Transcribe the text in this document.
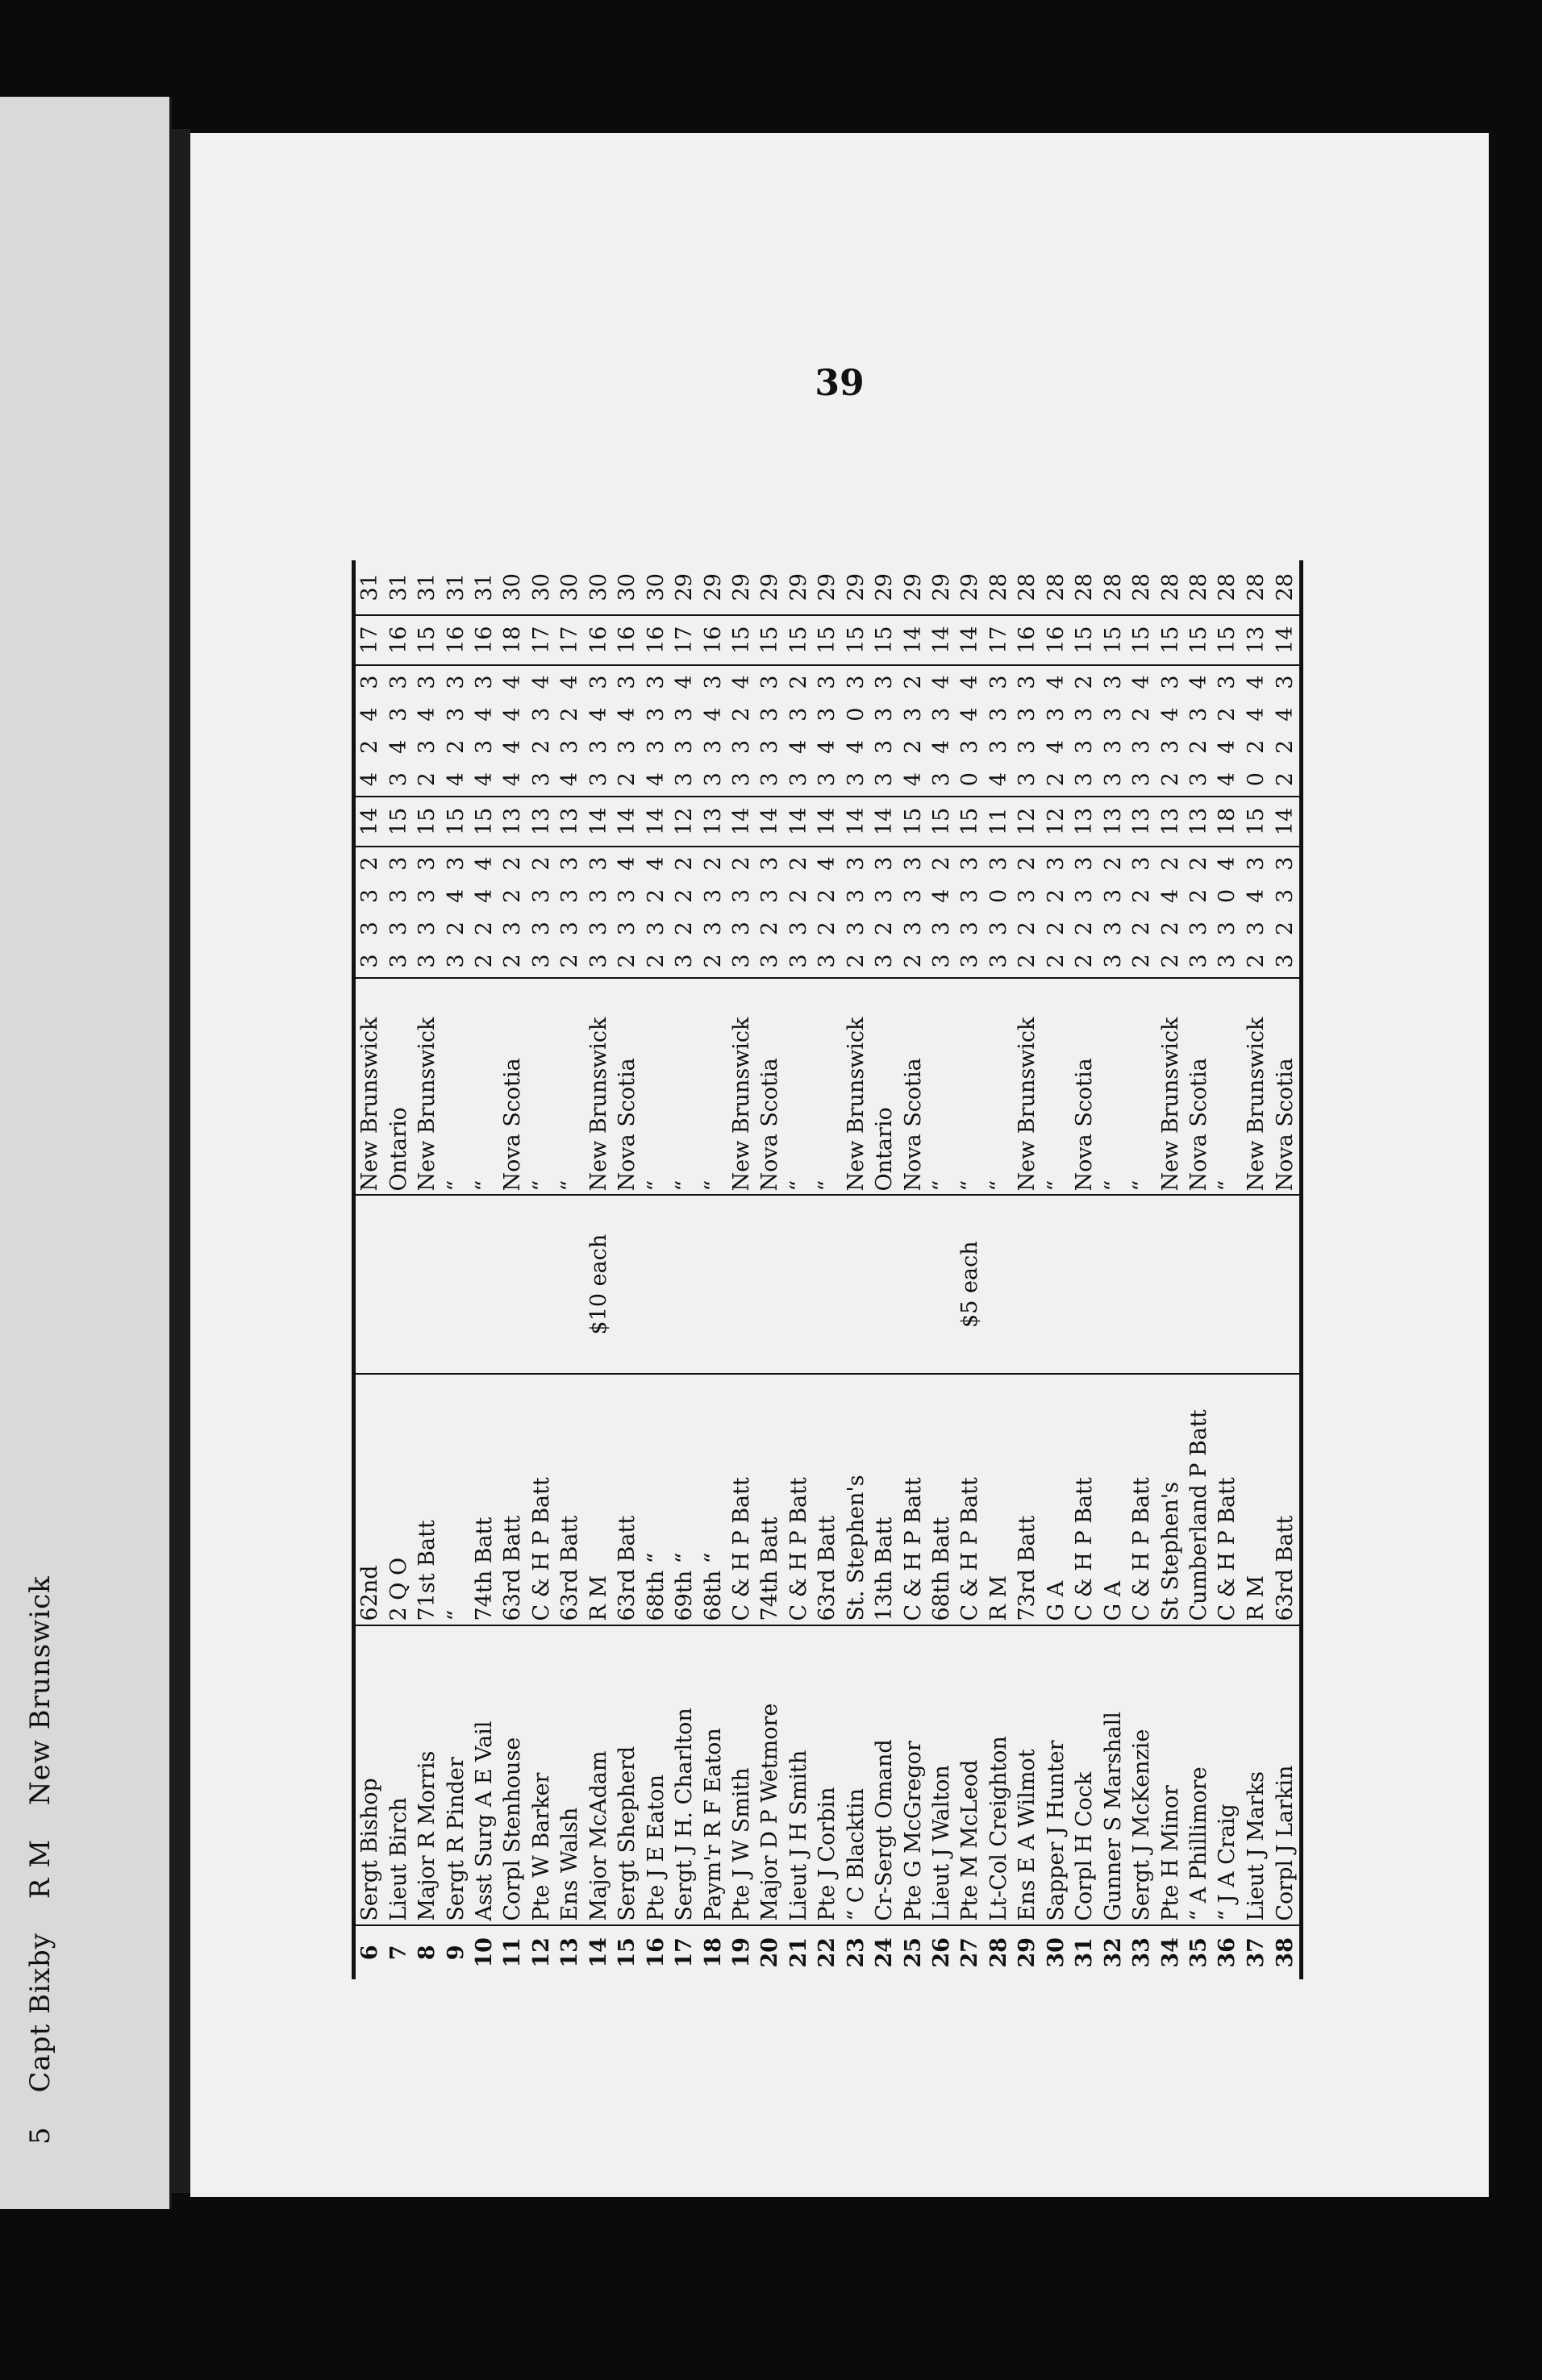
5 Capt Bixby R M New Brunswick
39
6	Sergt Bishop	62nd		New Brunswick	3	3	3	2	14	4	2	4	3	17	31
7	Lieut Birch	2 Q O		Ontario	3	3	3	3	15	3	4	3	3	16	31
8	Major R Morris	71st Batt		New Brunswick	3	3	3	3	15	2	3	4	3	15	31
9	Sergt R Pinder	“		“	3	2	4	3	15	4	2	3	3	16	31
10	Asst Surg A E Vail	74th Batt		“	2	2	4	4	15	4	3	4	3	16	31
11	Corpl Stenhouse	63rd Batt		Nova Scotia	2	3	2	2	13	4	4	4	4	18	30
12	Pte W Barker	C & H P Batt		“	3	3	3	2	13	3	2	3	4	17	30
13	Ens Walsh	63rd Batt		“	2	3	3	3	13	4	3	2	4	17	30
14	Major McAdam	R M	$10 each	New Brunswick	3	3	3	3	14	3	3	4	3	16	30
15	Sergt Shepherd	63rd Batt		Nova Scotia	2	3	3	4	14	2	3	4	3	16	30
16	Pte J E Eaton	68th “		“	2	3	2	4	14	4	3	3	3	16	30
17	Sergt J H. Charlton	69th “		“	3	2	2	2	12	3	3	3	4	17	29
18	Paym'r R F Eaton	68th “		“	2	3	3	2	13	3	3	4	3	16	29
19	Pte J W Smith	C & H P Batt		New Brunswick	3	3	3	2	14	3	3	2	4	15	29
20	Major D P Wetmore	74th Batt		Nova Scotia	3	2	3	3	14	3	3	3	3	15	29
21	Lieut J H Smith	C & H P Batt		“	3	3	2	2	14	3	4	3	2	15	29
22	Pte J Corbin	63rd Batt		“	3	2	2	4	14	3	4	3	3	15	29
23	“ C Blacktin	St. Stephen's		New Brunswick	2	3	3	3	14	3	4	0	3	15	29
24	Cr-Sergt Omand	13th Batt		Ontario	3	2	3	3	14	3	3	3	3	15	29
25	Pte G McGregor	C & H P Batt		Nova Scotia	2	3	3	3	15	4	2	3	2	14	29
26	Lieut J Walton	68th Batt		“	3	3	4	2	15	3	4	3	4	14	29
27	Pte M McLeod	C & H P Batt	$5 each	“	3	3	3	3	15	0	3	4	4	14	29
28	Lt-Col Creighton	R M		“	3	3	0	3	11	4	3	3	3	17	28
29	Ens E A Wilmot	73rd Batt		New Brunswick	2	2	3	2	12	3	3	3	3	16	28
30	Sapper J Hunter	G A		“	2	2	2	3	12	2	4	3	4	16	28
31	Corpl H Cock	C & H P Batt		Nova Scotia	2	2	3	3	13	3	3	3	2	15	28
32	Gunner S Marshall	G A		“	3	3	3	2	13	3	3	3	3	15	28
33	Sergt J McKenzie	C & H P Batt		“	2	2	2	3	13	3	3	2	4	15	28
34	Pte H Minor	St Stephen's		New Brunswick	2	2	4	2	13	2	3	4	3	15	28
35	“ A Phillimore	Cumberland P Batt		Nova Scotia	3	3	2	2	13	3	2	3	4	15	28
36	“ J A Craig	C & H P Batt		“	3	3	0	4	18	4	4	2	3	15	28
37	Lieut J Marks	R M		New Brunswick	2	3	4	3	15	0	2	4	4	13	28
38	Corpl J Larkin	63rd Batt		Nova Scotia	3	2	3	3	14	2	2	4	3	14	28
